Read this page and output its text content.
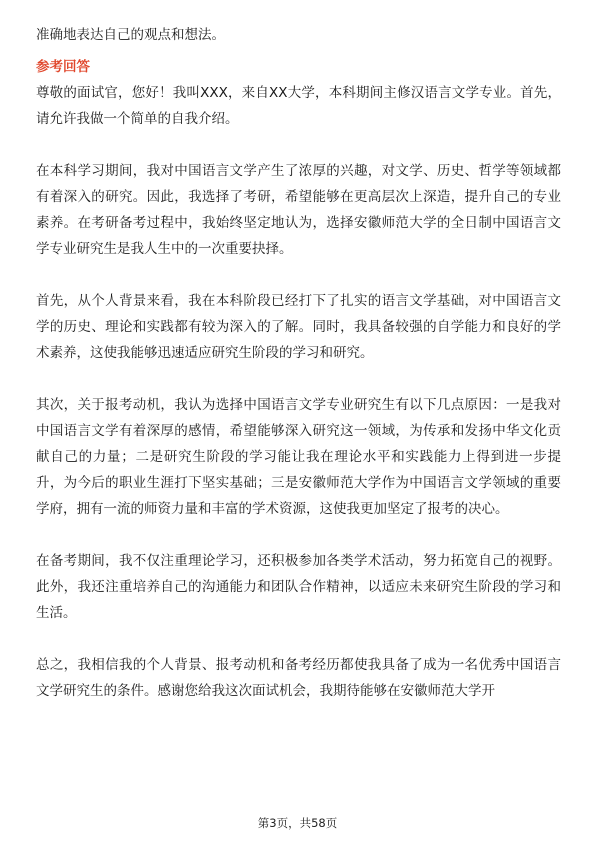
准确地表达自己的观点和想法。

参考回答

尊敬的面试官，您好！我叫XXX，来自XX大学，本科期间主修汉语言文学专业。首先，请允许我做一个简单的自我介绍。

在本科学习期间，我对中国语言文学产生了浓厚的兴趣，对文学、历史、哲学等领域都有着深入的研究。因此，我选择了考研，希望能够在更高层次上深造，提升自己的专业素养。在考研备考过程中，我始终坚定地认为，选择安徽师范大学的全日制中国语言文学专业研究生是我人生中的一次重要抉择。

首先，从个人背景来看，我在本科阶段已经打下了扎实的语言文学基础，对中国语言文学的历史、理论和实践都有较为深入的了解。同时，我具备较强的自学能力和良好的学术素养，这使我能够迅速适应研究生阶段的学习和研究。

其次，关于报考动机，我认为选择中国语言文学专业研究生有以下几点原因：一是我对中国语言文学有着深厚的感情，希望能够深入研究这一领域，为传承和发扬中华文化贡献自己的力量；二是研究生阶段的学习能让我在理论水平和实践能力上得到进一步提升，为今后的职业生涯打下坚实基础；三是安徽师范大学作为中国语言文学领域的重要学府，拥有一流的师资力量和丰富的学术资源，这使我更加坚定了报考的决心。

在备考期间，我不仅注重理论学习，还积极参加各类学术活动，努力拓宽自己的视野。此外，我还注重培养自己的沟通能力和团队合作精神，以适应未来研究生阶段的学习和生活。

总之，我相信我的个人背景、报考动机和备考经历都使我具备了成为一名优秀中国语言文学研究生的条件。感谢您给我这次面试机会，我期待能够在安徽师范大学开

第3页，共58页
